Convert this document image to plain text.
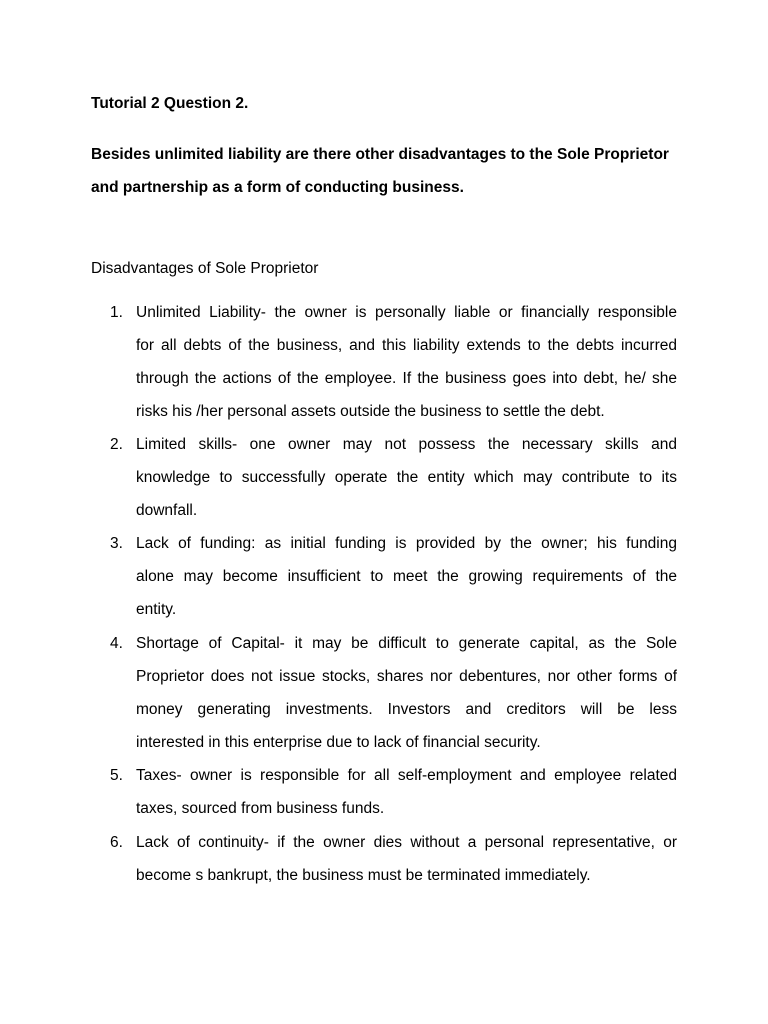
Tutorial 2 Question 2.

Besides unlimited liability are there other disadvantages to the Sole Proprietor
and partnership as a form of conducting business.

Disadvantages of Sole Proprietor
1. Unlimited Liability- the owner is personally liable or financially responsible
for all debts of the business, and this liability extends to the debts incurred
through the actions of the employee. If the business goes into debt, he/ she
risks his /her personal assets outside the business to settle the debt.
2. Limited skills- one owner may not possess the necessary skills and
knowledge to successfully operate the entity which may contribute to its
downfall.
3. Lack of funding: as initial funding is provided by the owner; his funding
alone may become insufficient to meet the growing requirements of the
entity.
4. Shortage of Capital- it may be difficult to generate capital, as the Sole
Proprietor does not issue stocks, shares nor debentures, nor other forms of
money generating investments. Investors and creditors will be less
interested in this enterprise due to lack of financial security.
5. Taxes- owner is responsible for all self-employment and employee related
taxes, sourced from business funds.
6. Lack of continuity- if the owner dies without a personal representative, or
become s bankrupt, the business must be terminated immediately.
